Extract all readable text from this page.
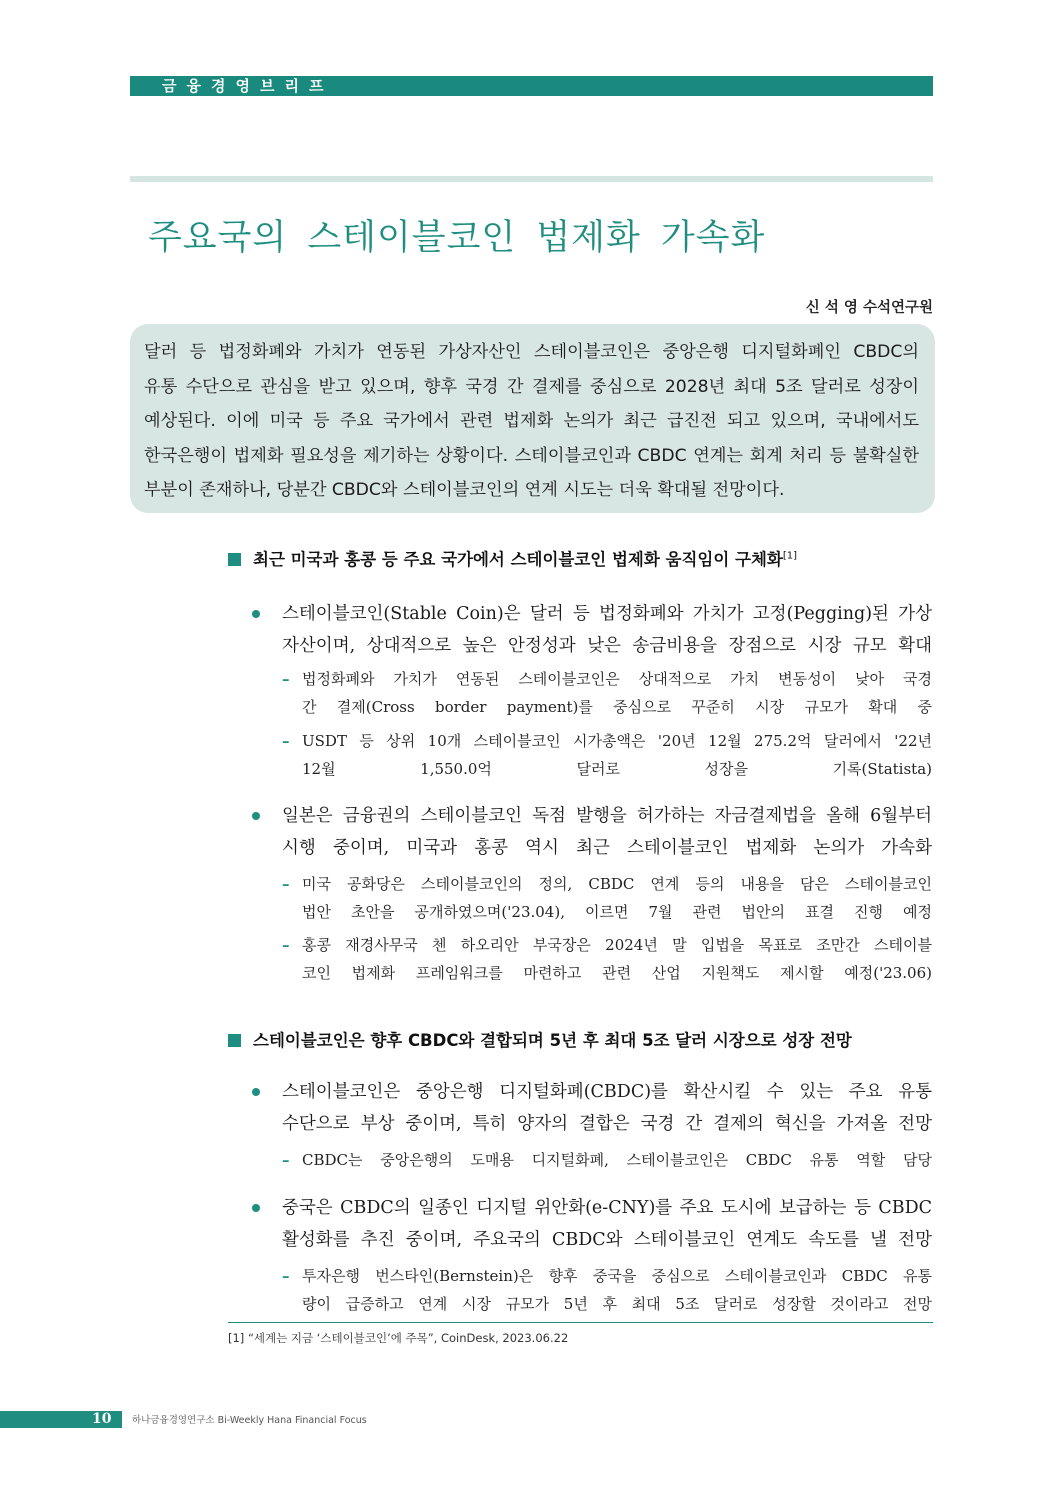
금융경영브리프
주요국의 스테이블코인 법제화 가속화
신 석 영 수석연구원
달러 등 법정화폐와 가치가 연동된 가상자산인 스테이블코인은 중앙은행 디지털화폐인 CBDC의
유통 수단으로 관심을 받고 있으며, 향후 국경 간 결제를 중심으로 2028년 최대 5조 달러로 성장이
예상된다. 이에 미국 등 주요 국가에서 관련 법제화 논의가 최근 급진전 되고 있으며, 국내에서도
한국은행이 법제화 필요성을 제기하는 상황이다. 스테이블코인과 CBDC 연계는 회계 처리 등 불확실한
부분이 존재하나, 당분간 CBDC와 스테이블코인의 연계 시도는 더욱 확대될 전망이다.
최근 미국과 홍콩 등 주요 국가에서 스테이블코인 법제화 움직임이 구체화[1]
스테이블코인(Stable Coin)은 달러 등 법정화폐와 가치가 고정(Pegging)된 가상
자산이며, 상대적으로 높은 안정성과 낮은 송금비용을 장점으로 시장 규모 확대
– 법정화폐와 가치가 연동된 스테이블코인은 상대적으로 가치 변동성이 낮아 국경
간 결제(Cross border payment)를 중심으로 꾸준히 시장 규모가 확대 중
– USDT 등 상위 10개 스테이블코인 시가총액은 '20년 12월 275.2억 달러에서 '22년
12월 1,550.0억 달러로 성장을 기록(Statista)
일본은 금융권의 스테이블코인 독점 발행을 허가하는 자금결제법을 올해 6월부터
시행 중이며, 미국과 홍콩 역시 최근 스테이블코인 법제화 논의가 가속화
– 미국 공화당은 스테이블코인의 정의, CBDC 연계 등의 내용을 담은 스테이블코인
법안 초안을 공개하였으며('23.04), 이르면 7월 관련 법안의 표결 진행 예정
– 홍콩 재경사무국 첸 하오리안 부국장은 2024년 말 입법을 목표로 조만간 스테이블
코인 법제화 프레임워크를 마련하고 관련 산업 지원책도 제시할 예정('23.06)
스테이블코인은 향후 CBDC와 결합되며 5년 후 최대 5조 달러 시장으로 성장 전망
스테이블코인은 중앙은행 디지털화폐(CBDC)를 확산시킬 수 있는 주요 유통
수단으로 부상 중이며, 특히 양자의 결합은 국경 간 결제의 혁신을 가져올 전망
– CBDC는 중앙은행의 도매용 디지털화폐, 스테이블코인은 CBDC 유통 역할 담당
중국은 CBDC의 일종인 디지털 위안화(e-CNY)를 주요 도시에 보급하는 등 CBDC
활성화를 추진 중이며, 주요국의 CBDC와 스테이블코인 연계도 속도를 낼 전망
– 투자은행 번스타인(Bernstein)은 향후 중국을 중심으로 스테이블코인과 CBDC 유통
량이 급증하고 연계 시장 규모가 5년 후 최대 5조 달러로 성장할 것이라고 전망
[1] “세계는 지금 ‘스테이블코인’에 주목”, CoinDesk, 2023.06.22
10 하나금융경영연구소 Bi-Weekly Hana Financial Focus
